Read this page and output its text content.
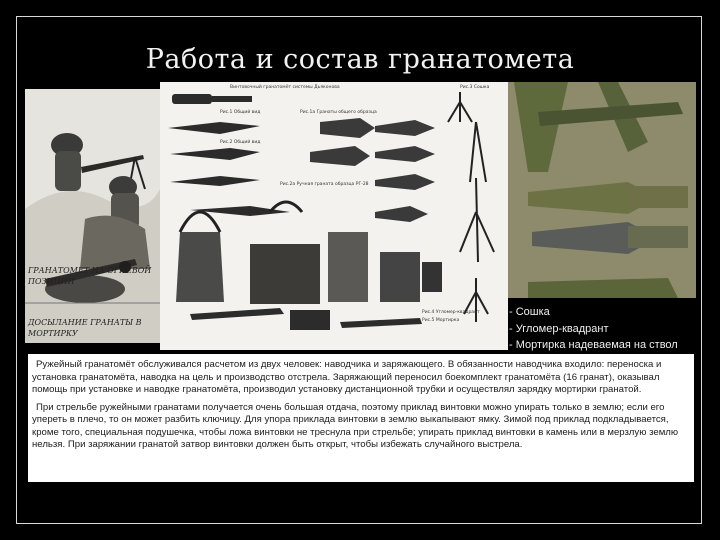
Работа и состав гранатомета
ГРАНАТОМЕТ НА ОГНЕВОЙ ПОЗИЦИИ
ДОСЫЛАНИЕ ГРАНАТЫ В МОРТИРКУ
Винтовочный гранатомёт системы Дьяконова
Рис.1 Общий вид	Рис.1а Гранаты общего образца
Рис.2 Общий вид
Рис.2а Ручная граната образца РГ-28
Рис.3 Сошка
Рис.4 Угломер-квадрант
Рис.5 Мортирка
- Сошка
- Угломер-квадрант
- Мортирка надеваемая на ствол

Ружейный гранатомёт обслуживался расчетом из двух человек: наводчика и заряжающего. В обязанности наводчика входило: переноска и установка гранатомёта, наводка на цель и производство отстрела. Заряжающий переносил боекомплект гранатомёта (16 гранат), оказывал помощь при установке и наводке гранатомёта, производил установку дистанционной трубки и осуществлял зарядку мортирки гранатой.

При стрельбе ружейными гранатами получается очень большая отдача, поэтому приклад винтовки можно упирать только в землю; если его упереть в плечо, то он может разбить ключицу. Для упора приклада винтовки в землю выкапывают ямку. Зимой под приклад подкладывается, кроме того, специальная подушечка, чтобы ложа винтовки не треснула при стрельбе; упирать приклад винтовки в камень или в мерзлую землю нельзя. При заряжании гранатой затвор винтовки должен быть открыт, чтобы избежать случайного выстрела.
